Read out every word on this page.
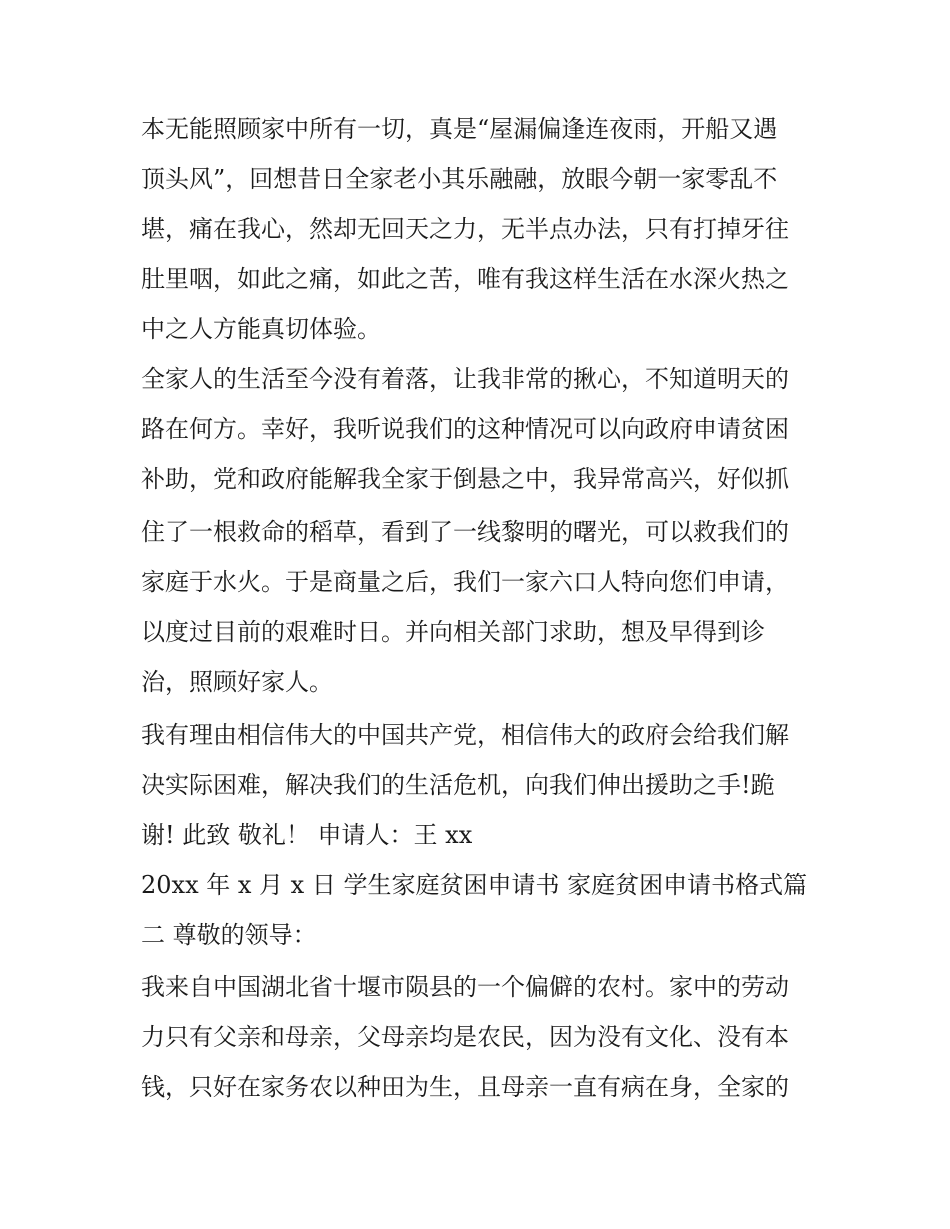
本无能照顾家中所有一切，真是“屋漏偏逢连夜雨，开船又遇
顶头风”，回想昔日全家老小其乐融融，放眼今朝一家零乱不
堪，痛在我心，然却无回天之力，无半点办法，只有打掉牙往
肚里咽，如此之痛，如此之苦，唯有我这样生活在水深火热之
中之人方能真切体验。
全家人的生活至今没有着落，让我非常的揪心，不知道明天的
路在何方。幸好，我听说我们的这种情况可以向政府申请贫困
补助，党和政府能解我全家于倒悬之中，我异常高兴，好似抓
住了一根救命的稻草，看到了一线黎明的曙光，可以救我们的
家庭于水火。于是商量之后，我们一家六口人特向您们申请，
以度过目前的艰难时日。并向相关部门求助，想及早得到诊
治，照顾好家人。
我有理由相信伟大的中国共产党，相信伟大的政府会给我们解
决实际困难，解决我们的生活危机，向我们伸出援助之手!跪
谢! 此致 敬礼！ 申请人：王 xx
20xx 年 x 月 x 日 学生家庭贫困申请书 家庭贫困申请书格式篇
二 尊敬的领导：
我来自中国湖北省十堰市陨县的一个偏僻的农村。家中的劳动
力只有父亲和母亲，父母亲均是农民，因为没有文化、没有本
钱，只好在家务农以种田为生，且母亲一直有病在身，全家的
